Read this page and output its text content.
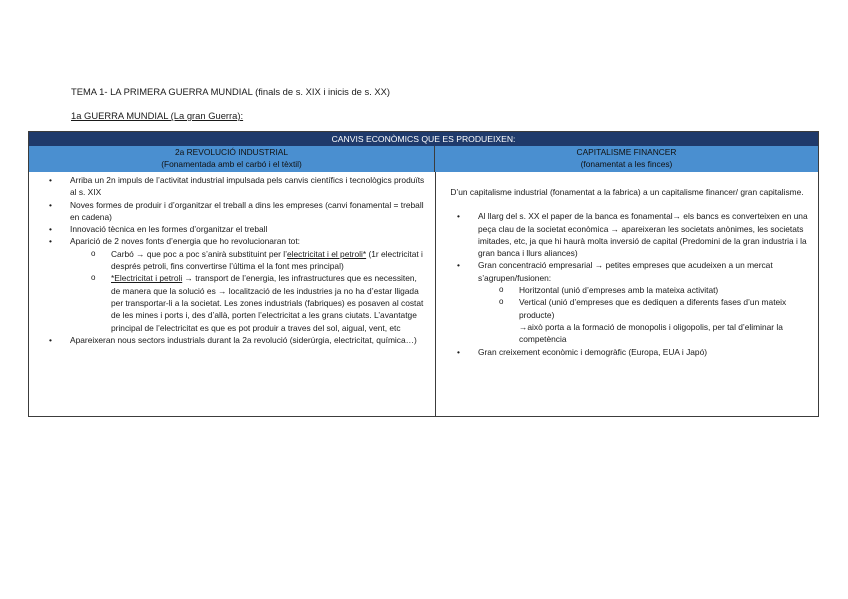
TEMA 1- LA PRIMERA GUERRA MUNDIAL (finals de s. XIX i inicis de s. XX)
1a GUERRA MUNDIAL (La gran Guerra):
CANVIS ECONÒMICS QUE ES PRODUEIXEN:
2a REVOLUCIÓ INDUSTRIAL
(Fonamentada amb el carbó i el tèxtil)
CAPITALISME FINANCER
(fonamentat a les finces)
• Arriba un 2n impuls de l’activitat industrial impulsada pels canvis científics i tecnològics produïts al s. XIX
• Noves formes de produir i d’organitzar el treball a dins les empreses (canvi fonamental = treball en cadena)
• Innovació tècnica en les formes d’organitzar el treball
• Aparició de 2 noves fonts d’energia que ho revolucionaran tot:
o Carbó → que poc a poc s’anirà substituint per l’electricitat i el petroli* (1r electricitat i després petroli, fins convertirse l’última el la font mes principal)
o *Electricitat i petroli → transport de l’energia, les infrastructures que es necessiten, de manera que la solució es → localització de les industries ja no ha d’estar lligada per transportar-li a la societat. Les zones industrials (fabriques) es posaven al costat de les mines i ports i, des d’allà, porten l’electricitat a les grans ciutats. L’avantatge principal de l’electricitat es que es pot produir a traves del sol, aigual, vent, etc
• Apareixeran nous sectors industrials durant la 2a revolució (siderúrgia, electricitat, química…)
D’un capitalisme industrial (fonamentat a la fabrica) a un capitalisme financer/ gran capitalisme.
• Al llarg del s. XX el paper de la banca es fonamental→ els bancs es converteixen en una peça clau de la societat econòmica → apareixeran les societats anònimes, les societats imitades, etc, ja que hi haurà molta inversió de capital (Predomini de la gran industria i la gran banca i llurs aliances)
• Gran concentració empresarial → petites empreses que acudeixen a un mercat s’agrupen/fusionen:
o Horitzontal (unió d’empreses amb la mateixa activitat)
o Vertical (unió d’empreses que es dediquen a diferents fases d’un mateix producte)
→això porta a la formació de monopolis i oligopolis, per tal d’eliminar la competència
• Gran creixement econòmic i demogràfic (Europa, EUA i Japó)
